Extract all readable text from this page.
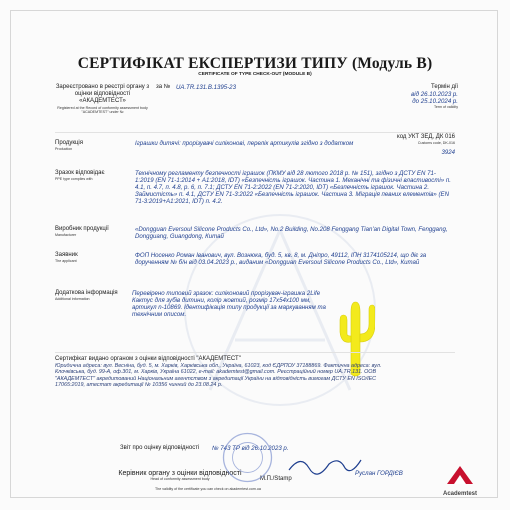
СЕРТИФІКАТ ЕКСПЕРТИЗИ ТИПУ (Модуль В)
CERTIFICATE OF TYPE CHECK-OUT (MODULE B)
Зареєстровано в реєстрі органу з оцінки відповідності «АКАДЕМТЕСТ»
Registered at the Record of conformity assessment body "ACADEMTEST" under №
за № UA.TR.131.В.1395-23	Термін дії
від 26.10.2023 р.
до 25.10.2024 р.
Term of validity
Продукція
Production
Іграшки дитячі: прорізувачі силіконові, перелік артикулів згідно з додатком
код УКТ ЗЕД, ДК 016
Customs code, DK-016
3924
Зразок відповідає
PPE type complies with
Технічному регламенту безпечності іграшок (ПКМУ від 28 лютого 2018 р. № 151), згідно з ДСТУ EN 71-1:2019 (EN 71-1:2014 + А1:2018, IDT) «Безпечність іграшок. Частина 1. Механічні та фізичні властивості» п. 4.1, п. 4.7, п. 4.8, р. 6, п. 7.1; ДСТУ EN 71-2:2022 (EN 71-2:2020, IDT) «Безпечність іграшок. Частина 2. Займистість» п. 4.1, ДСТУ EN 71-3:2022 «Безпечність іграшок. Частина 3. Міграція певних елементів» (EN 71-3:2019+А1:2021, IDT) п. 4.2.
Виробник продукції
Manufacturer
«Dongguan Eversoul Silicone Products Co., Ltd», No.2 Building, No.208 Fenggang Tian'an Digital Town, Fenggang, Dongguang, Guangdong, Китай
Заявник
The applicant
ФОП Носенко Роман Іванович, вул. Вознюка, буд. 5, кв. 8, м. Дніпро, 49112, ІПН 3174105214, що діє за дорученням № б/н від 03.04.2023 р., виданим «Dongguan Eversoul Silicone Products Co., Ltd», Китай
Додаткова інформація
Additional information
Перевірено типовий зразок: силіконовий прорізувач-іграшка 2Life Кактус для зубів дитини, колір жовтий, розмір 17х54х100 мм, артикул n-10869. Ідентифікація типу продукції за маркуванням та технічним описом.
Сертифікат видано органом з оцінки відповідності "АКАДЕМТЕСТ"
Юридична адреса: вул. Весніна, буд. 5, м. Харків, Харківська обл., Україна, 61023, код ЄДРПОУ 37188869. Фактична адреса: вул. Клочківська, буд. 99-А, оф.301, м. Харків, Україна 61022, e-mail: akademtest@gmail.com. Реєстраційний номер UA.TR.131. ООВ "АКАДЕМТЕСТ" акредитований Національним агентством з акредитації України на відповідність вимогам ДСТУ EN ISO/IEC 17065:2019, атестат акредитації № 10356 чинний до 23.08.24 р.
Звіт про оцінку відповідності № 743 ТР від 26.10.2023 р.
Керівник органу з оцінки відповідності
Head of conformity assessment body	М.П./Stamp
The validity of the certificate you can check on akademtest.com.ua
Руслан ГОРДІЄВ
Academtest
